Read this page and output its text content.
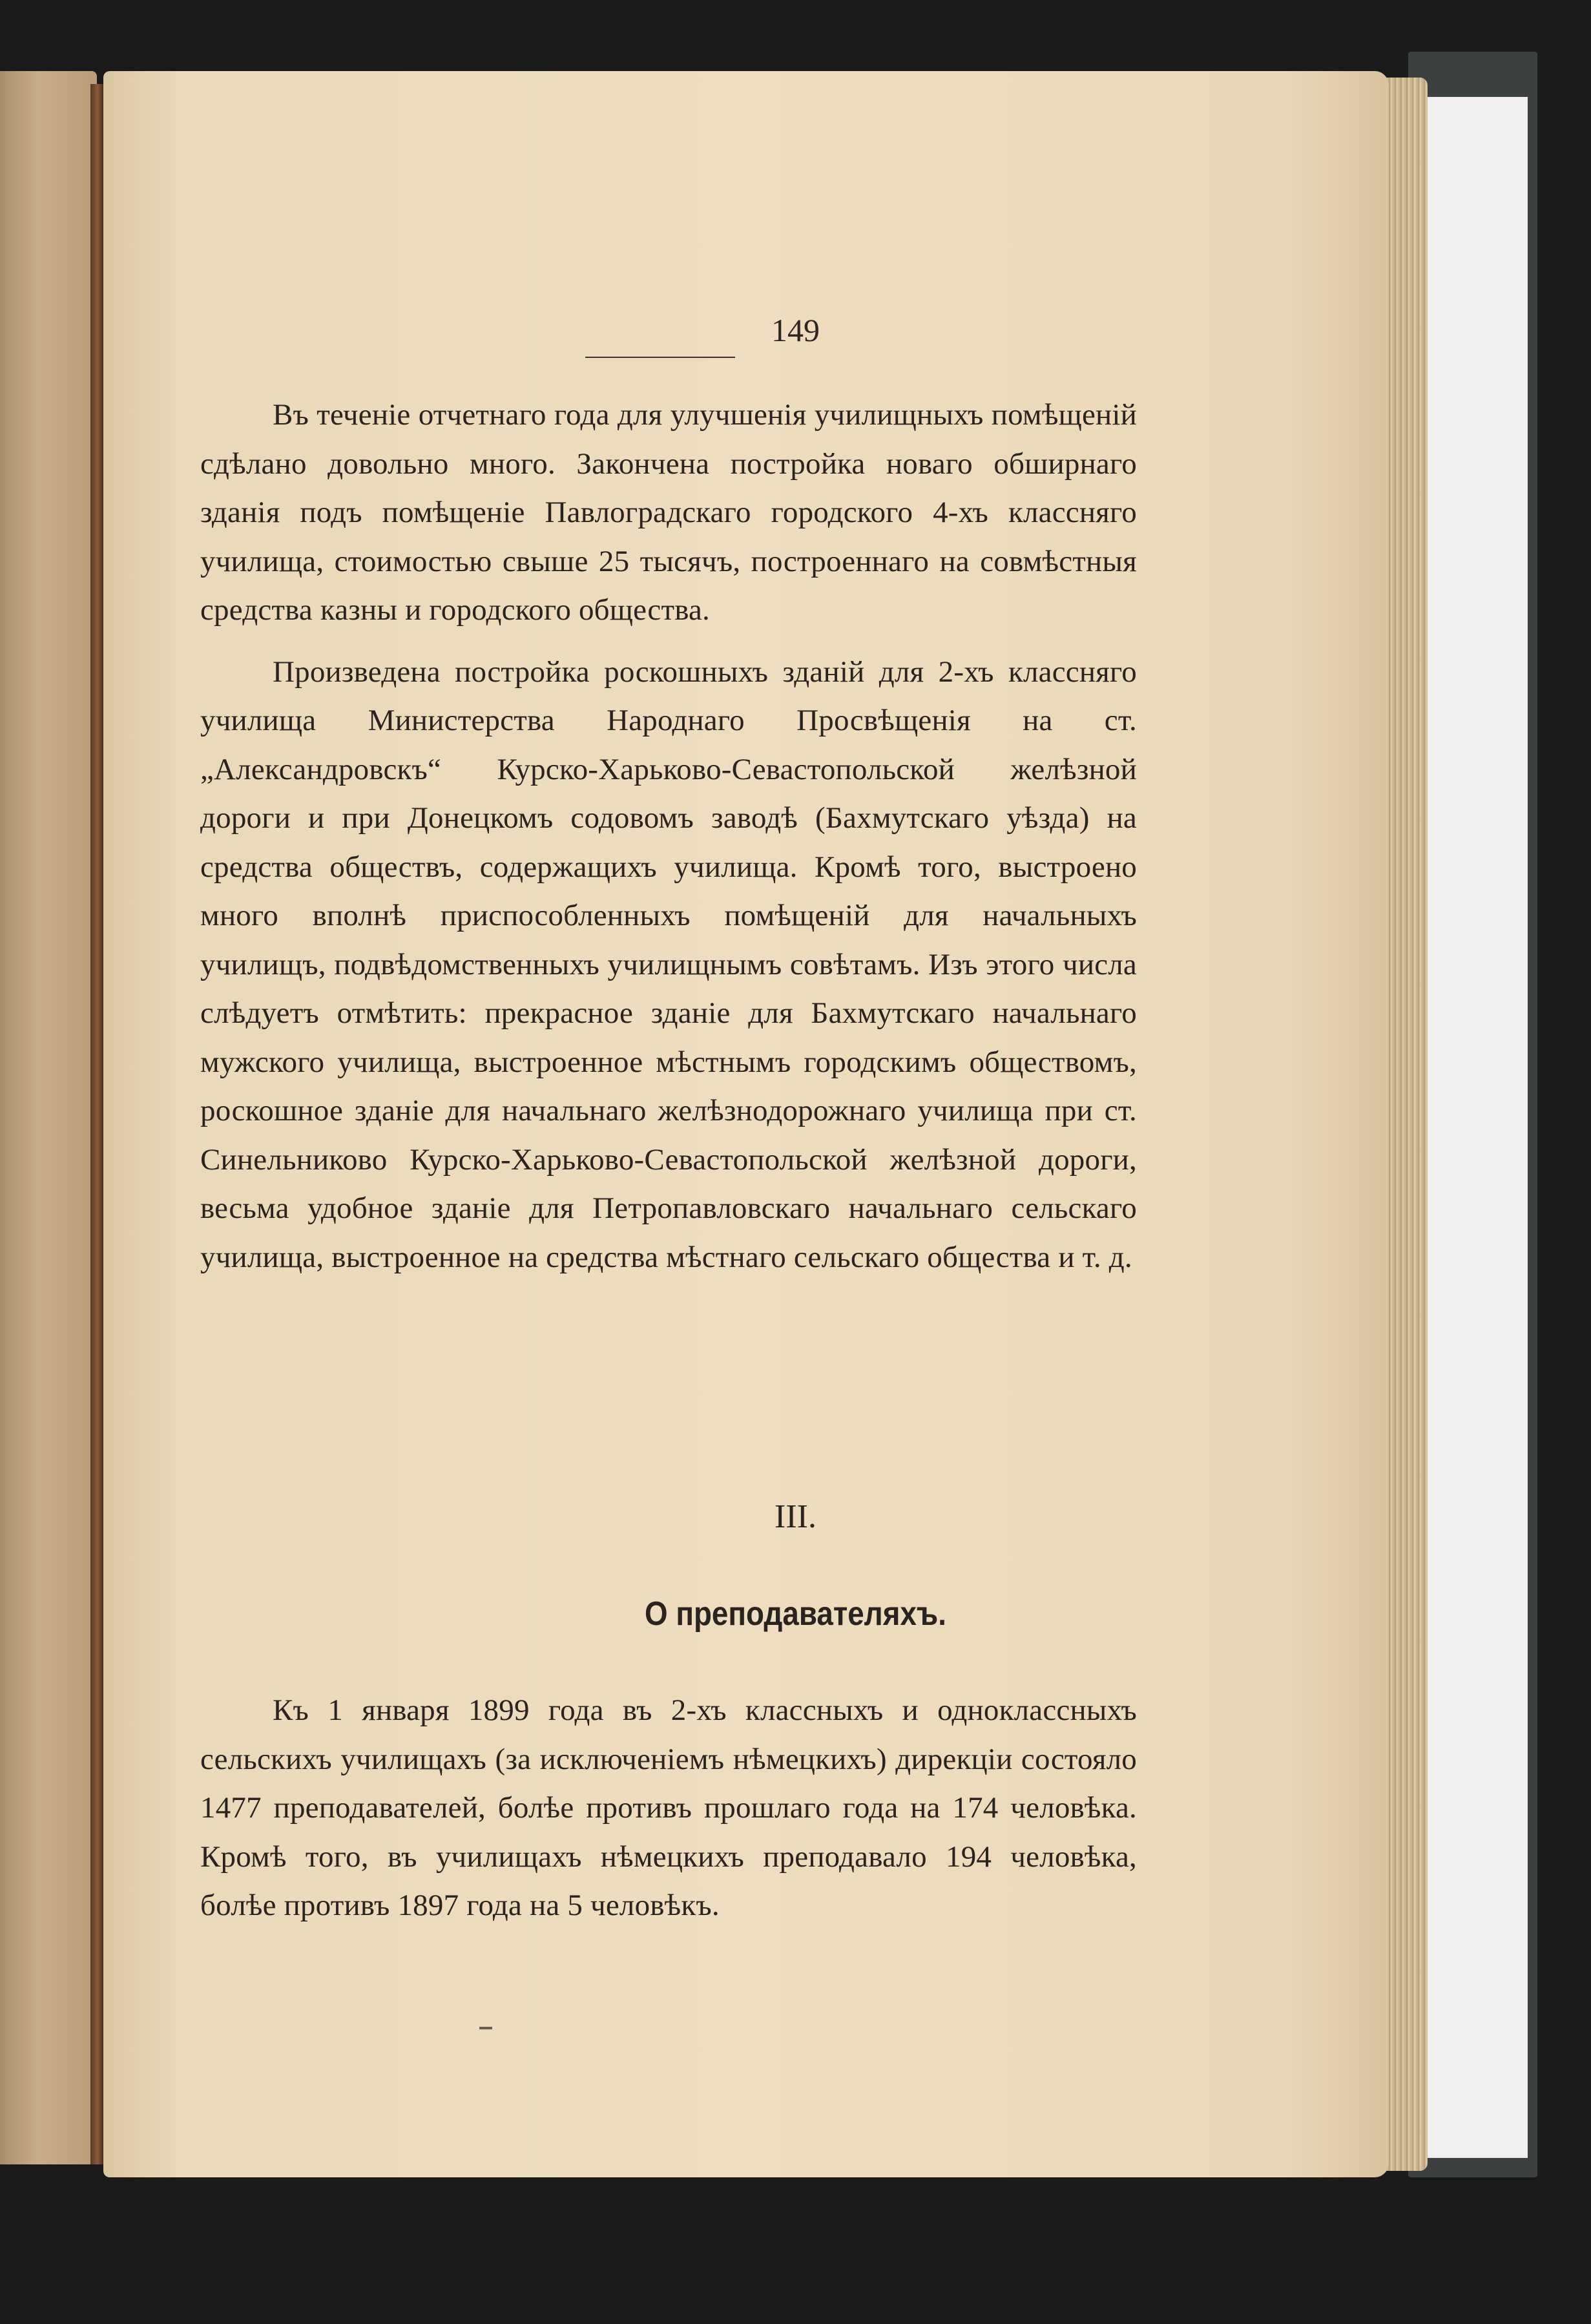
149

Въ теченіе отчетнаго года для улучшенія училищныхъ помѣщеній сдѣлано довольно много. Закончена постройка новаго обширнаго зданія подъ помѣщеніе Павлоградскаго городского 4-хъ классняго училища, стоимостью свыше 25 тысячъ, построеннаго на совмѣстныя средства казны и городского общества.

Произведена постройка роскошныхъ зданій для 2-хъ классняго училища Министерства Народнаго Просвѣщенія на ст. „Александровскъ“ Курско-Харьково-Севастопольской желѣзной дороги и при Донецкомъ содовомъ заводѣ (Бахмутскаго уѣзда) на средства обществъ, содержащихъ училища. Кромѣ того, выстроено много вполнѣ приспособленныхъ помѣщеній для начальныхъ училищъ, подвѣдомственныхъ училищнымъ совѣтамъ. Изъ этого числа слѣдуетъ отмѣтить: прекрасное зданіе для Бахмутскаго начальнаго мужского училища, выстроенное мѣстнымъ городскимъ обществомъ, роскошное зданіе для начальнаго желѣзнодорожнаго училища при ст. Синельниково Курско-Харьково-Севастопольской желѣзной дороги, весьма удобное зданіе для Петропавловскаго начальнаго сельскаго училища, выстроенное на средства мѣстнаго сельскаго общества и т. д.

III.

О преподавателяхъ.

Къ 1 января 1899 года въ 2-хъ классныхъ и одноклассныхъ сельскихъ училищахъ (за исключеніемъ нѣмецкихъ) дирекціи состояло 1477 преподавателей, болѣе противъ прошлаго года на 174 человѣка. Кромѣ того, въ училищахъ нѣмецкихъ преподавало 194 человѣка, болѣе противъ 1897 года на 5 человѣкъ.
